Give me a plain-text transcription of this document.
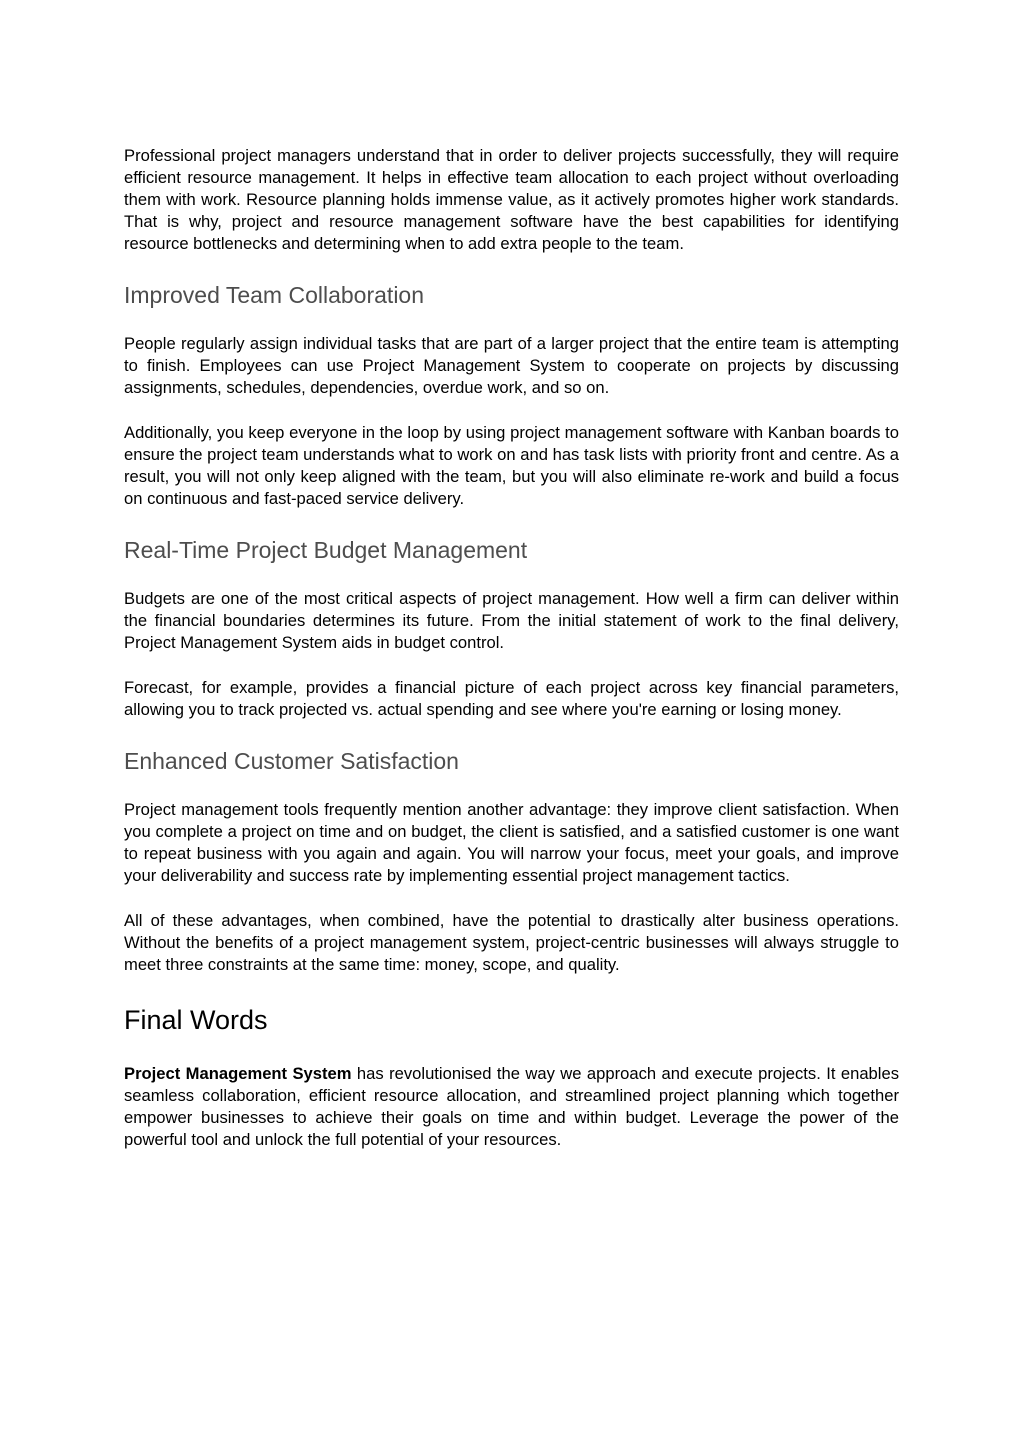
Professional project managers understand that in order to deliver projects successfully, they will require efficient resource management. It helps in effective team allocation to each project without overloading them with work. Resource planning holds immense value, as it actively promotes higher work standards. That is why, project and resource management software have the best capabilities for identifying resource bottlenecks and determining when to add extra people to the team.

Improved Team Collaboration

People regularly assign individual tasks that are part of a larger project that the entire team is attempting to finish. Employees can use Project Management System to cooperate on projects by discussing assignments, schedules, dependencies, overdue work, and so on.

Additionally, you keep everyone in the loop by using project management software with Kanban boards to ensure the project team understands what to work on and has task lists with priority front and centre. As a result, you will not only keep aligned with the team, but you will also eliminate re-work and build a focus on continuous and fast-paced service delivery.

Real-Time Project Budget Management

Budgets are one of the most critical aspects of project management. How well a firm can deliver within the financial boundaries determines its future. From the initial statement of work to the final delivery, Project Management System aids in budget control.

Forecast, for example, provides a financial picture of each project across key financial parameters, allowing you to track projected vs. actual spending and see where you're earning or losing money.

Enhanced Customer Satisfaction

Project management tools frequently mention another advantage: they improve client satisfaction. When you complete a project on time and on budget, the client is satisfied, and a satisfied customer is one want to repeat business with you again and again. You will narrow your focus, meet your goals, and improve your deliverability and success rate by implementing essential project management tactics.

All of these advantages, when combined, have the potential to drastically alter business operations. Without the benefits of a project management system, project-centric businesses will always struggle to meet three constraints at the same time: money, scope, and quality.

Final Words

Project Management System has revolutionised the way we approach and execute projects. It enables seamless collaboration, efficient resource allocation, and streamlined project planning which together empower businesses to achieve their goals on time and within budget. Leverage the power of the powerful tool and unlock the full potential of your resources.
